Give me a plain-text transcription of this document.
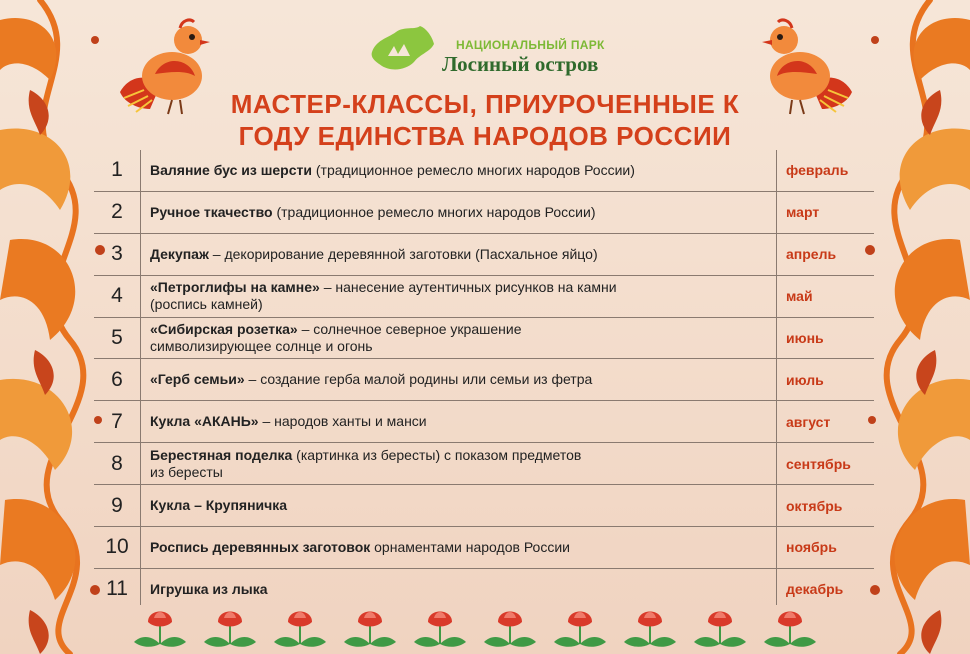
НАЦИОНАЛЬНЫЙ ПАРК
Лосиный остров
МАСТЕР-КЛАССЫ, ПРИУРОЧЕННЫЕ К
ГОДУ ЕДИНСТВА НАРОДОВ РОССИИ
1	Валяние бус из шерсти (традиционное ремесло многих народов России)	февраль
2	Ручное ткачество (традиционное ремесло многих народов России)	март
3	Декупаж – декорирование деревянной заготовки (Пасхальное яйцо)	апрель
4	«Петроглифы на камне» – нанесение аутентичных рисунков на камни
(роспись камней)	май
5	«Сибирская розетка» – солнечное северное украшение
символизирующее солнце и огонь	июнь
6	«Герб семьи» – создание герба малой родины или семьи из фетра	июль
7	Кукла «АКАНЬ» – народов ханты и манси	август
8	Берестяная поделка (картинка из бересты) с показом предметов
из бересты	сентябрь
9	Кукла – Крупяничка	октябрь
10	Роспись деревянных заготовок орнаментами народов России	ноябрь
11	Игрушка из лыка	декабрь
